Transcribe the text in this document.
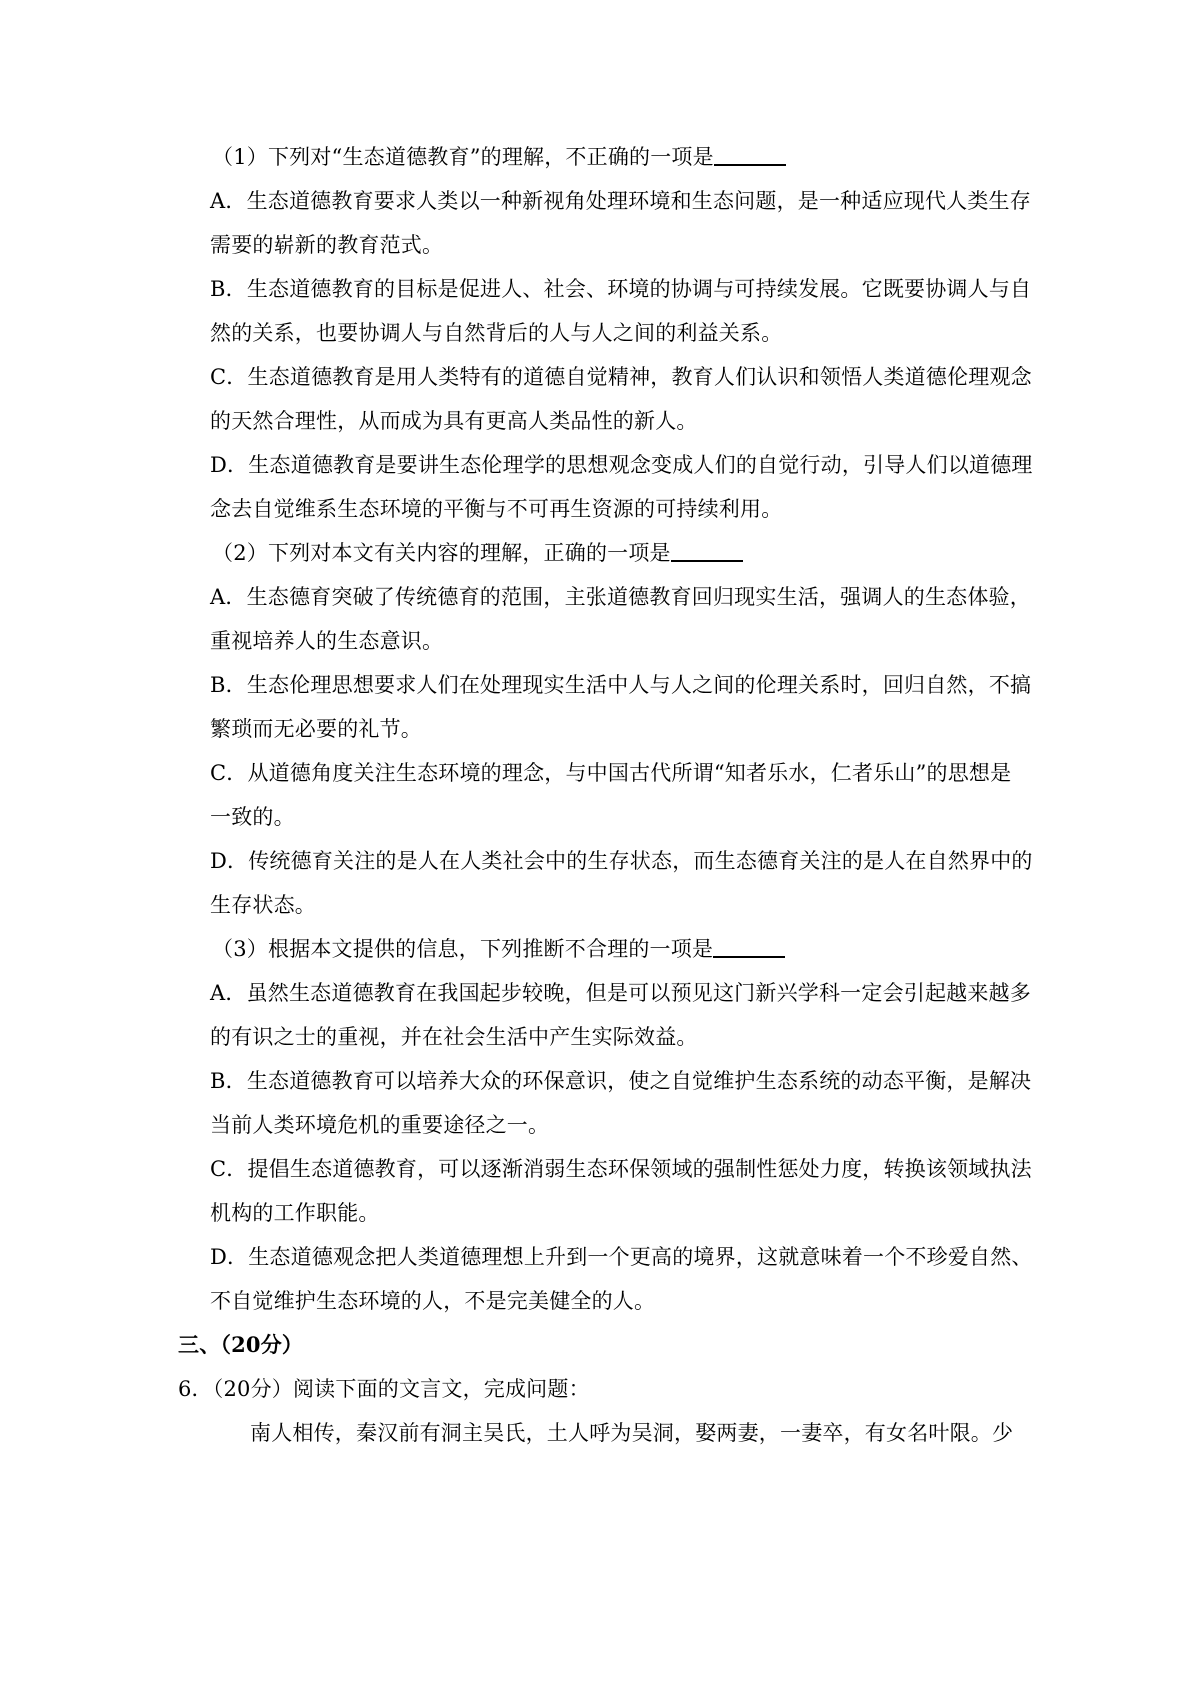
（1）下列对“生态道德教育”的理解，不正确的一项是
A．生态道德教育要求人类以一种新视角处理环境和生态问题，是一种适应现代人类生存
需要的崭新的教育范式。
B．生态道德教育的目标是促进人、社会、环境的协调与可持续发展。它既要协调人与自
然的关系，也要协调人与自然背后的人与人之间的利益关系。
C．生态道德教育是用人类特有的道德自觉精神，教育人们认识和领悟人类道德伦理观念
的天然合理性，从而成为具有更高人类品性的新人。
D．生态道德教育是要讲生态伦理学的思想观念变成人们的自觉行动，引导人们以道德理
念去自觉维系生态环境的平衡与不可再生资源的可持续利用。
（2）下列对本文有关内容的理解，正确的一项是
A．生态德育突破了传统德育的范围，主张道德教育回归现实生活，强调人的生态体验，
重视培养人的生态意识。
B．生态伦理思想要求人们在处理现实生活中人与人之间的伦理关系时，回归自然，不搞
繁琐而无必要的礼节。
C．从道德角度关注生态环境的理念，与中国古代所谓“知者乐水，仁者乐山”的思想是
一致的。
D．传统德育关注的是人在人类社会中的生存状态，而生态德育关注的是人在自然界中的
生存状态。
（3）根据本文提供的信息，下列推断不合理的一项是
A．虽然生态道德教育在我国起步较晚，但是可以预见这门新兴学科一定会引起越来越多
的有识之士的重视，并在社会生活中产生实际效益。
B．生态道德教育可以培养大众的环保意识，使之自觉维护生态系统的动态平衡，是解决
当前人类环境危机的重要途径之一。
C．提倡生态道德教育，可以逐渐消弱生态环保领域的强制性惩处力度，转换该领域执法
机构的工作职能。
D．生态道德观念把人类道德理想上升到一个更高的境界，这就意味着一个不珍爱自然、
不自觉维护生态环境的人，不是完美健全的人。
三、（20分）
6．（20分）阅读下面的文言文，完成问题：
南人相传，秦汉前有洞主吴氏，土人呼为吴洞，娶两妻，一妻卒，有女名叶限。少
